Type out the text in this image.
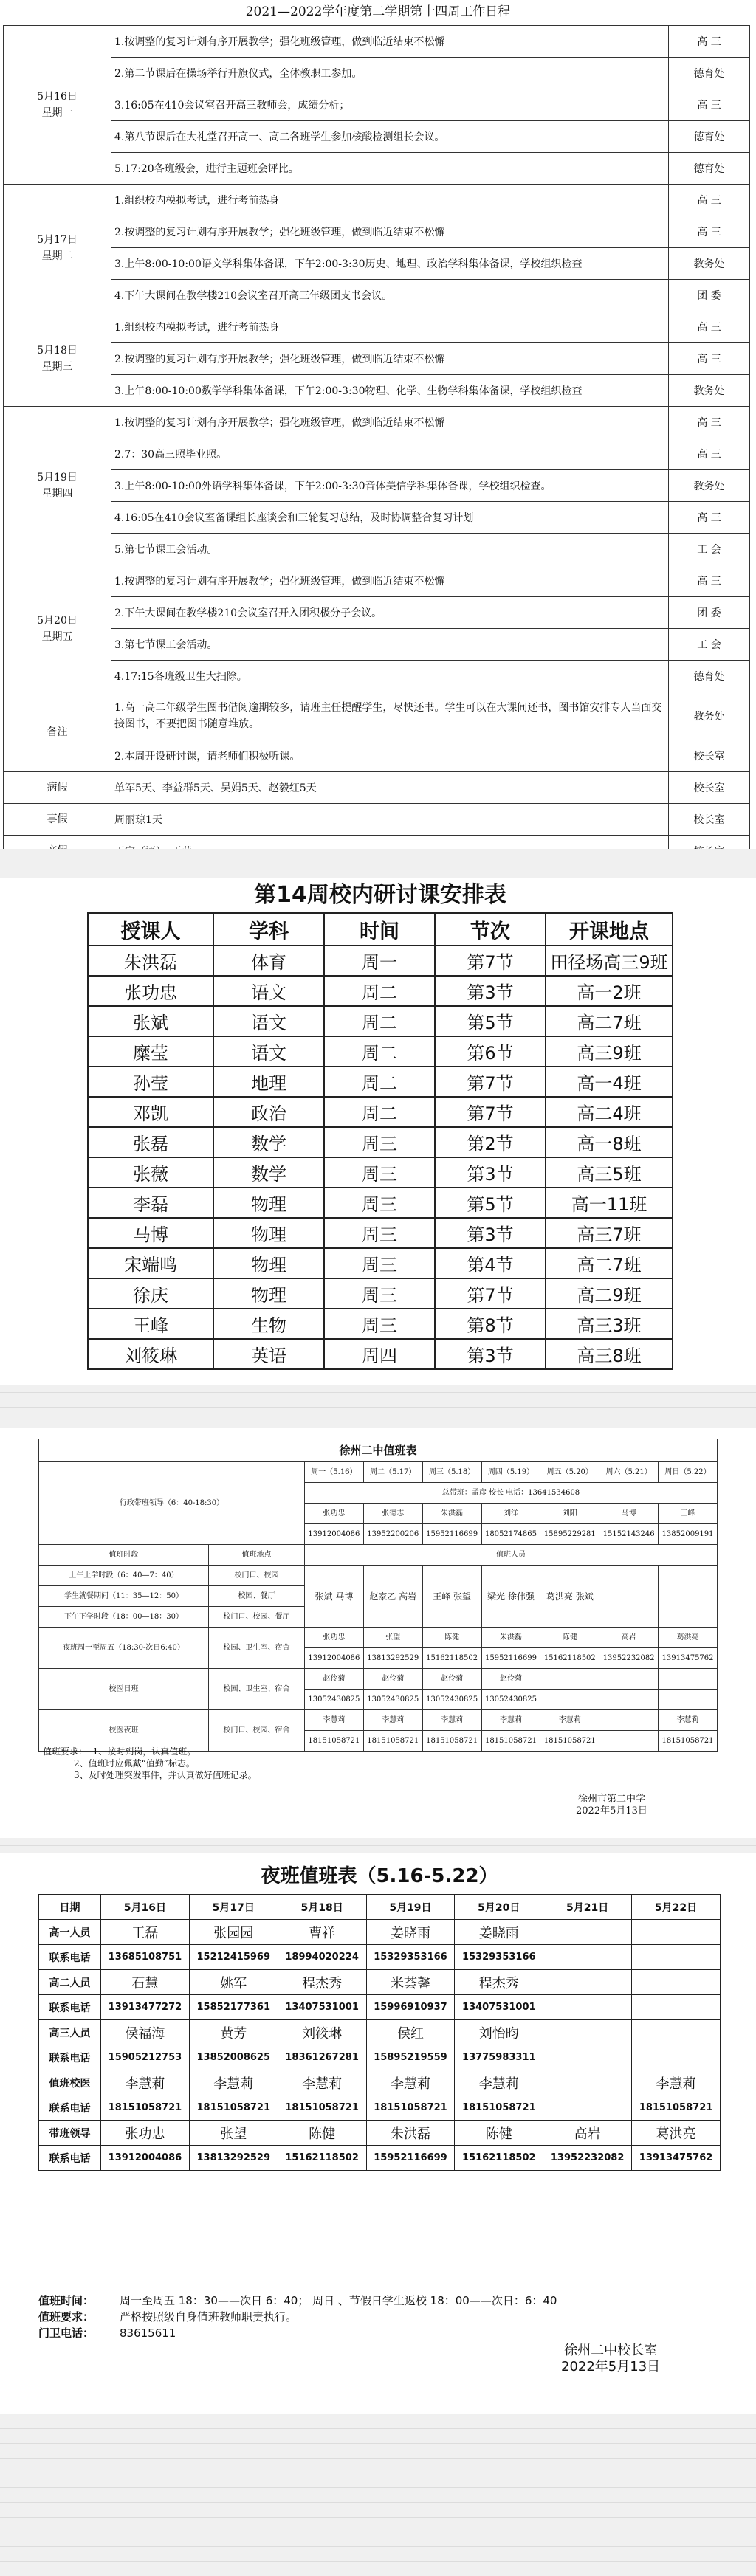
2021—2022学年度第二学期第十四周工作日程
5月16日
星期一	1.按调整的复习计划有序开展教学；强化班级管理，做到临近结束不松懈	高 三
	2.第二节课后在操场举行升旗仪式，全体教职工参加。	德育处
	3.16:05在410会议室召开高三教师会，成绩分析；	高 三
	4.第八节课后在大礼堂召开高一、高二各班学生参加核酸检测组长会议。	德育处
	5.17:20各班级会，进行主题班会评比。	德育处

5月17日
星期二	1.组织校内模拟考试，进行考前热身	高 三
	2.按调整的复习计划有序开展教学；强化班级管理，做到临近结束不松懈	高 三
	3.上午8:00-10:00语文学科集体备课，下午2:00-3:30历史、地理、政治学科集体备课，学校组织检查	教务处
	4.下午大课间在教学楼210会议室召开高三年级团支书会议。	团 委

5月18日
星期三	1.组织校内模拟考试，进行考前热身	高 三
	2.按调整的复习计划有序开展教学；强化班级管理，做到临近结束不松懈	高 三
	3.上午8:00-10:00数学学科集体备课，下午2:00-3:30物理、化学、生物学科集体备课，学校组织检查	教务处

5月19日
星期四	1.按调整的复习计划有序开展教学；强化班级管理，做到临近结束不松懈	高 三
	2.7：30高三照毕业照。	高 三
	3.上午8:00-10:00外语学科集体备课，下午2:00-3:30音体美信学科集体备课，学校组织检查。	教务处
	4.16:05在410会议室备课组长座谈会和三轮复习总结，及时协调整合复习计划	高 三
	5.第七节课工会活动。	工 会

5月20日
星期五	1.按调整的复习计划有序开展教学；强化班级管理，做到临近结束不松懈	高 三
	2.下午大课间在教学楼210会议室召开入团积极分子会议。	团 委
	3.第七节课工会活动。	工 会
	4.17:15各班级卫生大扫除。	德育处
备注	1.高一高二年级学生图书借阅逾期较多，请班主任提醒学生，尽快还书。学生可以在大课间还书，图书馆安排专人当面交接图书，不要把图书随意堆放。	教务处
	2.本周开设研讨课，请老师们积极听课。	校长室
病假	单军5天、李益群5天、吴娟5天、赵毅红5天	校长室
事假	周丽琼1天	校长室

第14周校内研讨课安排表
授课人	学科	时间	节次	开课地点
朱洪磊	体育	周一	第7节	田径场高三9班
张功忠	语文	周二	第3节	高一2班
张斌	语文	周二	第5节	高二7班
糜莹	语文	周二	第6节	高三9班
孙莹	地理	周二	第7节	高一4班
邓凯	政治	周二	第7节	高二4班
张磊	数学	周三	第2节	高一8班
张薇	数学	周三	第3节	高三5班
李磊	物理	周三	第5节	高一11班
马博	物理	周三	第3节	高三7班
宋端鸣	物理	周三	第4节	高二7班
徐庆	物理	周三	第7节	高二9班
王峰	生物	周三	第8节	高三3班
刘筱琳	英语	周四	第3节	高三8班
徐州二中值班表								
行政带班领导（6：40-18:30）		周一（5.16）	周二（5.17）	周三（5.18）	周四（5.19）	周五（5.20）	周六（5.21）	周日（5.22）
		总带班：孟彦 校长 电话：13641534608						
		张功忠	张德志	朱洪磊	刘洋	刘阳	马博	王峰
		13912004086	13952200206	15952116699	18052174865	15895229281	15152143246	13852009191
值班时段	值班地点	值班人员						
上午上学时段（6：40—7：40）	校门口、校园	张斌 马博	赵家乙 高岩	王峰 张望	梁光 徐伟强	葛洪亮 张斌		
学生就餐期间（11：35—12：50）	校园、餐厅							
下午下学时段（18：00—18：30）	校门口、校园、餐厅							
夜班周一至周五（18:30-次日6:40）	校园、卫生室、宿舍	张功忠	张望	陈健	朱洪磊	陈健	高岩	葛洪亮
		13912004086	13813292529	15162118502	15952116699	15162118502	13952232082	13913475762
校医日班	校园、卫生室、宿舍	赵伶菊	赵伶菊	赵伶菊	赵伶菊			
		13052430825	13052430825	13052430825	13052430825			
校医夜班	校门口、校园、宿舍	李慧莉	李慧莉	李慧莉	李慧莉	李慧莉		李慧莉
		18151058721	18151058721	18151058721	18151058721	18151058721		18151058721
值班要求：  1、按时到岗，认真值班。
2、值班时应佩戴“值勤”标志。
3、及时处理突发事件，并认真做好值班记录。
徐州市第二中学
2022年5月13日
夜班值班表（5.16-5.22）
日期	5月16日	5月17日	5月18日	5月19日	5月20日	5月21日	5月22日
高一人员	王磊	张园园	曹祥	姜晓雨	姜晓雨		
联系电话	13685108751	15212415969	18994020224	15329353166	15329353166		
高二人员	石慧	姚军	程杰秀	米荟馨	程杰秀		
联系电话	13913477272	15852177361	13407531001	15996910937	13407531001		
高三人员	侯福海	黄芳	刘筱琳	侯红	刘怡昀		
联系电话	15905212753	13852008625	18361267281	15895219559	13775983311		
值班校医	李慧莉	李慧莉	李慧莉	李慧莉	李慧莉		李慧莉
联系电话	18151058721	18151058721	18151058721	18151058721	18151058721		18151058721
带班领导	张功忠	张望	陈健	朱洪磊	陈健	高岩	葛洪亮
联系电话	13912004086	13813292529	15162118502	15952116699	15162118502	13952232082	13913475762
值班时间： 周一至周五 18：30——次日 6：40； 周日 、节假日学生返校 18：00——次日：6：40
值班要求： 严格按照级自身值班教师职责执行。
门卫电话： 83615611
徐州二中校长室
2022年5月13日
